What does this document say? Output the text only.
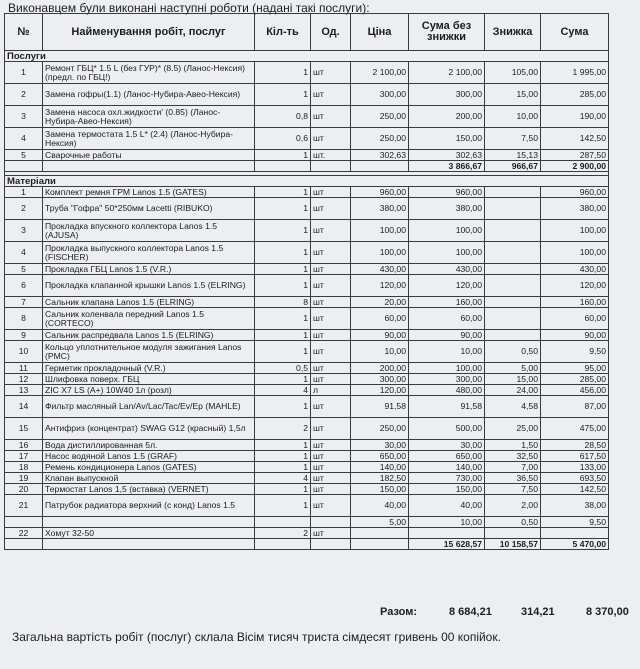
Виконавцем були виконані наступні роботи (надані такі послуги):
№	Найменування робіт, послуг	Кіл-ть	Од.	Ціна	Сума без знижки	Знижка	Сума
Послуги							
1	Ремонт ГБЦ* 1.5 L (без ГУР)* (8.5) (Ланос-Нексия) (предл. по ГБЦ!)	1	шт	2 100,00	2 100,00	105,00	1 995,00
2	Замена гофры(1.1) (Ланос-Нубира-Авео-Нексия)	1	шт	300,00	300,00	15,00	285,00
3	Замена насоса охл.жидкости' (0.85) (Ланос-Нубира-Авео-Нексия)	0,8	шт	250,00	200,00	10,00	190,00
4	Замена термостата 1.5 L* (2.4) (Ланос-Нубира-Нексия)	0,6	шт	250,00	150,00	7,50	142,50
5	Сварочные работы	1	шт.	302,63	302,63	15,13	287,50
					3 866,67	966,67	2 900,00

Матеріали							
1	Комплект ремня ГРМ Lanos 1.5 (GATES)	1	шт	960,00	960,00		960,00
2	Труба "Гофра" 50*250мм Lacetti (RIBUKO)	1	шт	380,00	380,00		380,00
3	Прокладка впускного коллектора Lanos 1.5 (AJUSA)	1	шт	100,00	100,00		100,00
4	Прокладка выпускного коллектора Lanos 1.5 (FISCHER)	1	шт	100,00	100,00		100,00
5	Прокладка ГБЦ Lanos 1.5 (V.R.)	1	шт	430,00	430,00		430,00
6	Прокладка клапанной крышки Lanos 1.5 (ELRING)	1	шт	120,00	120,00		120,00
7	Сальник клапана Lanos 1.5 (ELRING)	8	шт	20,00	160,00		160,00
8	Сальник коленвала передний Lanos 1.5 (CORTECO)	1	шт	60,00	60,00		60,00
9	Сальник распредвала Lanos 1.5 (ELRING)	1	шт	90,00	90,00		90,00
10	Кольцо уплотнительное модуля зажигания Lanos (PMC)	1	шт	10,00	10,00	0,50	9,50
11	Герметик прокладочный (V.R.)	0,5	шт	200,00	100,00	5,00	95,00
12	Шлифовка поверх. ГБЦ	1	шт	300,00	300,00	15,00	285,00
13	ZIC X7 LS (A+) 10W40 1л (розл)	4	л	120,00	480,00	24,00	456,00
14	Фильтр масляный Lan/Av/Lac/Tac/Ev/Ep (MAHLE)	1	шт	91,58	91,58	4,58	87,00
15	Антифриз (концентрат) SWAG G12 (красный) 1,5л	2	шт	250,00	500,00	25,00	475,00
16	Вода дистиллированная 5л.	1	шт	30,00	30,00	1,50	28,50
17	Насос водяной Lanos 1.5 (GRAF)	1	шт	650,00	650,00	32,50	617,50
18	Ремень кондиционера Lanos (GATES)	1	шт	140,00	140,00	7,00	133,00
19	Клапан выпускной	4	шт	182,50	730,00	36,50	693,50
20	Термостат Lanos 1,5 (вставка) (VERNET)	1	шт	150,00	150,00	7,50	142,50
21	Патрубок радиатора верхний (с конд) Lanos 1.5	1	шт	40,00	40,00	2,00	38,00
				5,00	10,00	0,50	9,50
22	Хомут 32-50	2	шт				
					15 628,57	10 158,57	5 470,00
Разом:	8 684,21	314,21	8 370,00
Загальна вартість робіт (послуг) склала Вісім тисяч триста сімдесят гривень 00 копійок.
